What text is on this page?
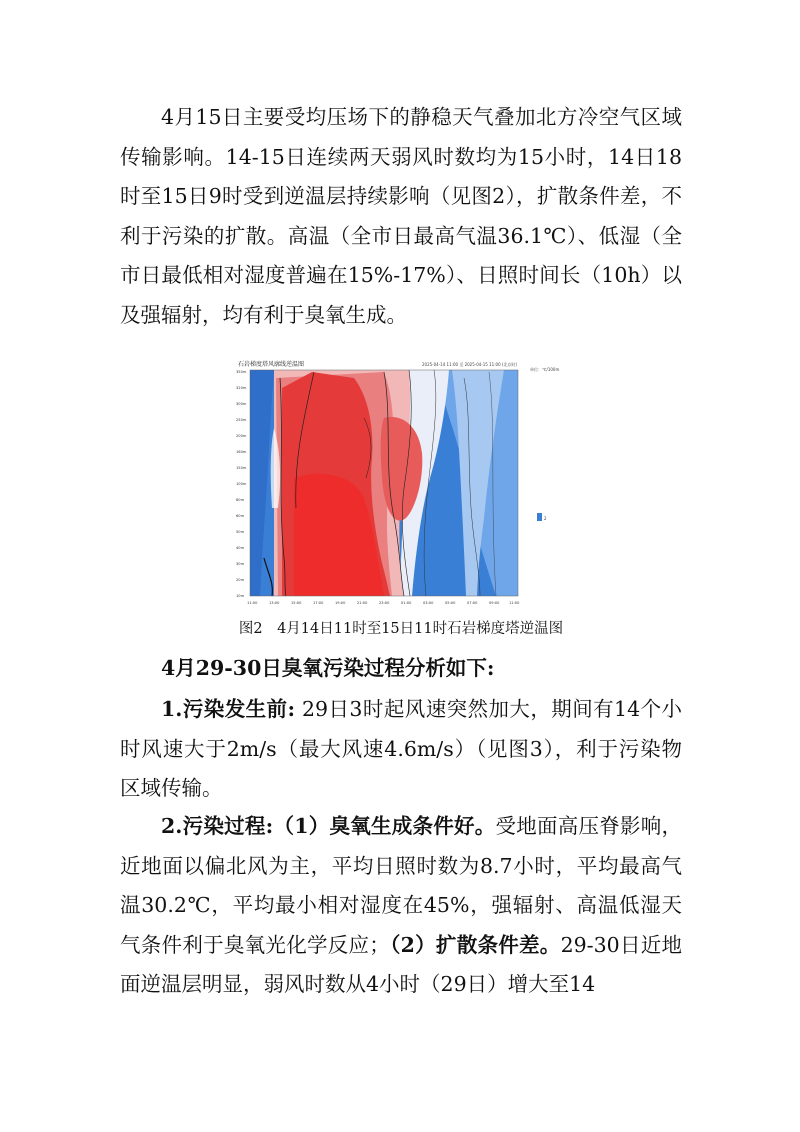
4月15日主要受均压场下的静稳天气叠加北方冷空气区域传输影响。14-15日连续两天弱风时数均为15小时，14日18时至15日9时受到逆温层持续影响（见图2），扩散条件差，不利于污染的扩散。高温（全市日最高气温36.1℃）、低湿（全市日最低相对湿度普遍在15%-17%）、日照时间长（10h）以及强辐射，均有利于臭氧生成。

石岩梯度塔风廓线逆温图	2025-04-14 11:00 至 2025-04-15 11:00 (北京时)
单位：℃/100m
350m
320m
300m
250m
200m
160m
150m
100m
80m
60m
50m
40m
30m
20m
10m
11:00	13:00	15:00	17:00	19:00	21:00	23:00	01:00	03:00	05:00	07:00	09:00	11:00
2
图2　4月14日11时至15日11时石岩梯度塔逆温图
4月29-30日臭氧污染过程分析如下:

1.污染发生前: 29日3时起风速突然加大，期间有14个小时风速大于2m/s（最大风速4.6m/s）（见图3），利于污染物区域传输。

2.污染过程:（1）臭氧生成条件好。受地面高压脊影响，近地面以偏北风为主，平均日照时数为8.7小时，平均最高气温30.2℃，平均最小相对湿度在45%，强辐射、高温低湿天气条件利于臭氧光化学反应；（2）扩散条件差。29-30日近地面逆温层明显，弱风时数从4小时（29日）增大至14
